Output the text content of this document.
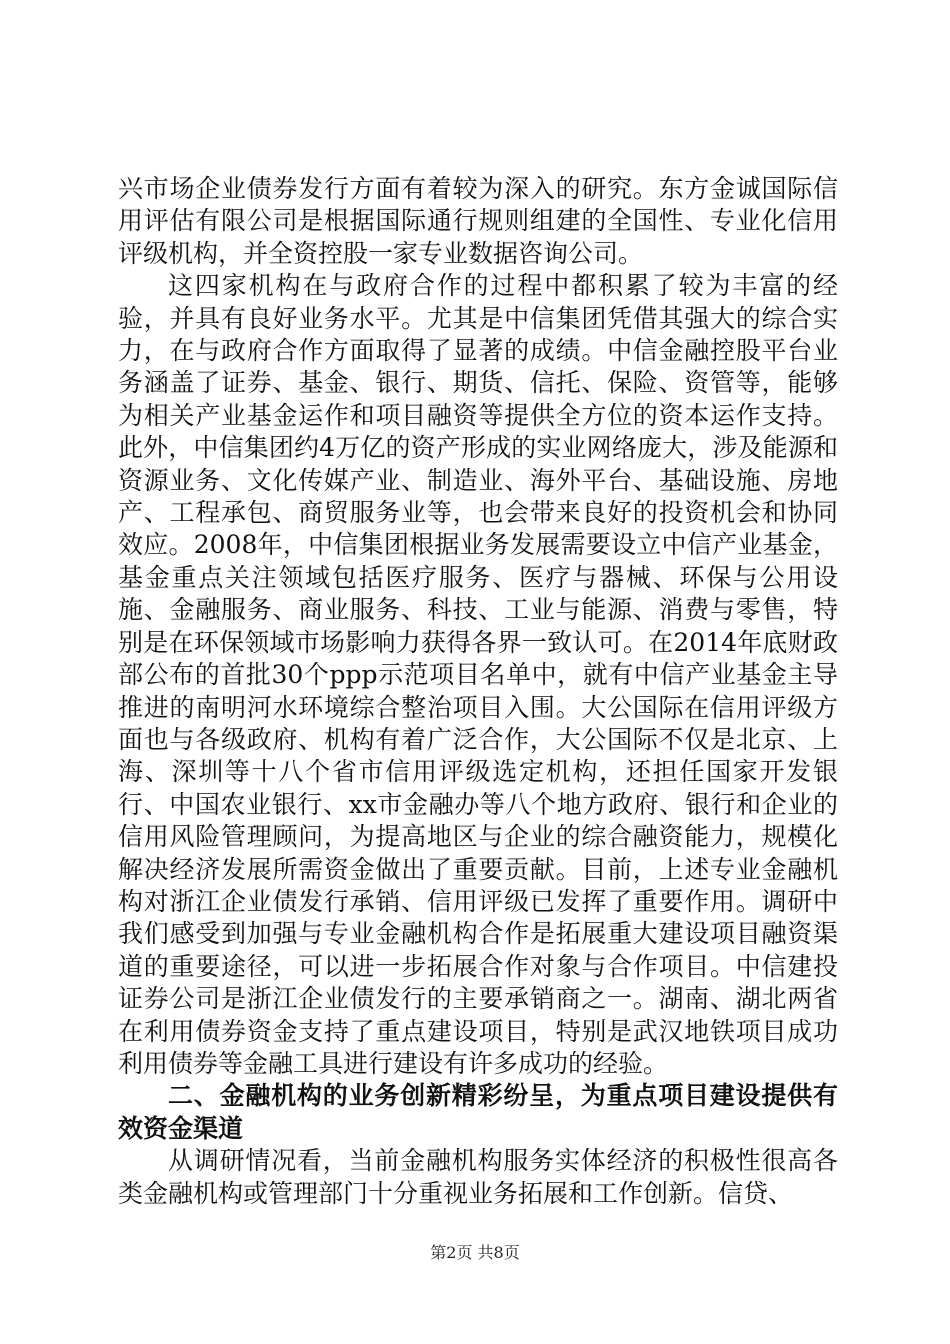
兴市场企业债券发行方面有着较为深入的研究。东方金诚国际信用评估有限公司是根据国际通行规则组建的全国性、专业化信用评级机构，并全资控股一家专业数据咨询公司。

这四家机构在与政府合作的过程中都积累了较为丰富的经验，并具有良好业务水平。尤其是中信集团凭借其强大的综合实力，在与政府合作方面取得了显著的成绩。中信金融控股平台业务涵盖了证券、基金、银行、期货、信托、保险、资管等，能够为相关产业基金运作和项目融资等提供全方位的资本运作支持。此外，中信集团约4万亿的资产形成的实业网络庞大，涉及能源和资源业务、文化传媒产业、制造业、海外平台、基础设施、房地产、工程承包、商贸服务业等，也会带来良好的投资机会和协同效应。2008年，中信集团根据业务发展需要设立中信产业基金，基金重点关注领域包括医疗服务、医疗与器械、环保与公用设施、金融服务、商业服务、科技、工业与能源、消费与零售，特别是在环保领域市场影响力获得各界一致认可。在2014年底财政部公布的首批30个ppp示范项目名单中，就有中信产业基金主导推进的南明河水环境综合整治项目入围。大公国际在信用评级方面也与各级政府、机构有着广泛合作，大公国际不仅是北京、上海、深圳等十八个省市信用评级选定机构，还担任国家开发银行、中国农业银行、xx市金融办等八个地方政府、银行和企业的信用风险管理顾问，为提高地区与企业的综合融资能力，规模化解决经济发展所需资金做出了重要贡献。目前，上述专业金融机构对浙江企业债发行承销、信用评级已发挥了重要作用。调研中我们感受到加强与专业金融机构合作是拓展重大建设项目融资渠道的重要途径，可以进一步拓展合作对象与合作项目。中信建投证券公司是浙江企业债发行的主要承销商之一。湖南、湖北两省在利用债券资金支持了重点建设项目，特别是武汉地铁项目成功利用债券等金融工具进行建设有许多成功的经验。

二、金融机构的业务创新精彩纷呈，为重点项目建设提供有效资金渠道

从调研情况看，当前金融机构服务实体经济的积极性很高各类金融机构或管理部门十分重视业务拓展和工作创新。信贷、

第2页 共8页
